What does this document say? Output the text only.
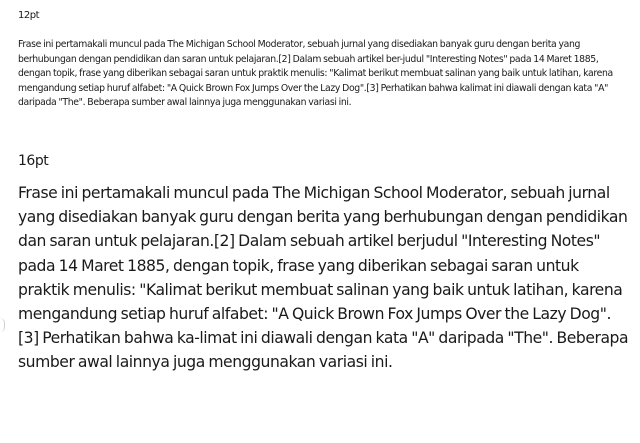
12pt

Frase ini pertamakali muncul pada The Michigan School Moderator, sebuah jurnal yang disediakan banyak guru dengan berita yang berhubungan dengan pendidikan dan saran untuk pelajaran.[2] Dalam sebuah artikel ber-judul "Interesting Notes" pada 14 Maret 1885, dengan topik, frase yang diberikan sebagai saran untuk praktik menulis: "Kalimat berikut membuat salinan yang baik untuk latihan, karena mengandung setiap huruf alfabet: "A Quick Brown Fox Jumps Over the Lazy Dog".[3] Perhatikan bahwa kalimat ini diawali dengan kata "A" daripada "The". Beberapa sumber awal lainnya juga menggunakan variasi ini.

16pt

Frase ini pertamakali muncul pada The Michigan School Moderator, sebuah jurnal yang disediakan banyak guru dengan berita yang berhubungan dengan pendidikan dan saran untuk pelajaran.[2] Dalam sebuah artikel berjudul "Interesting Notes" pada 14 Maret 1885, dengan topik, frase yang diberikan sebagai saran untuk praktik menulis: "Kalimat berikut membuat salinan yang baik untuk latihan, karena mengandung setiap huruf alfabet: "A Quick Brown Fox Jumps Over the Lazy Dog".[3] Perhatikan bahwa ka-limat ini diawali dengan kata "A" daripada "The". Beberapa sumber awal lainnya juga menggunakan variasi ini.
